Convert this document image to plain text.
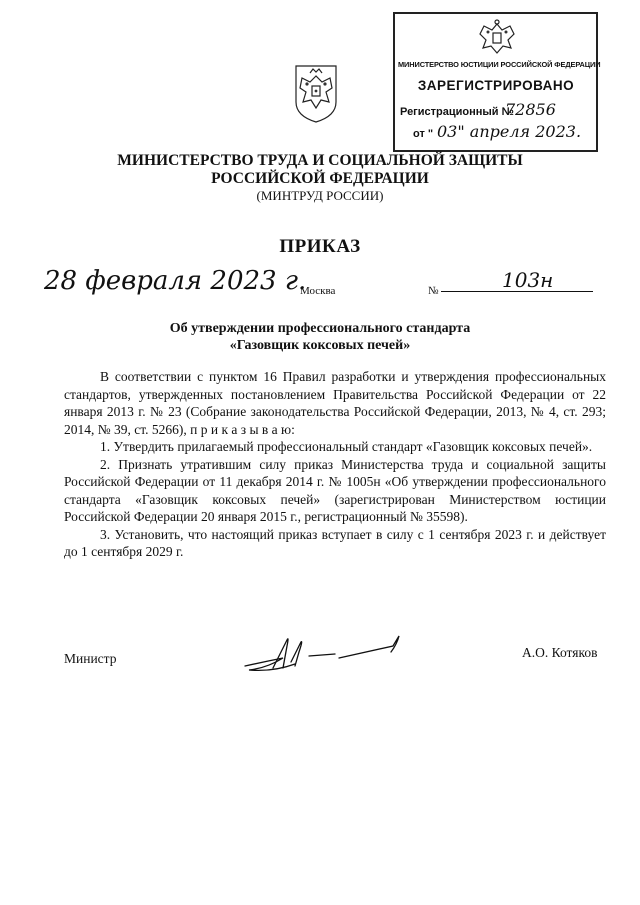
МИНИСТЕРСТВО ЮСТИЦИИ РОССИЙСКОЙ ФЕДЕРАЦИИ
ЗАРЕГИСТРИРОВАНО
Регистрационный №
72856
от " 03" апреля 2023.
МИНИСТЕРСТВО ТРУДА И СОЦИАЛЬНОЙ ЗАЩИТЫ
РОССИЙСКОЙ ФЕДЕРАЦИИ
(МИНТРУД РОССИИ)
ПРИКАЗ
28 февраля 2023 г.
Москва	№	103н
Об утверждении профессионального стандарта
«Газовщик коксовых печей»

В соответствии с пунктом 16 Правил разработки и утверждения профессиональных стандартов, утвержденных постановлением Правительства Российской Федерации от 22 января 2013 г. № 23 (Собрание законодательства Российской Федерации, 2013, № 4, ст. 293; 2014, № 39, ст. 5266), п р и к а з ы в а ю:

1. Утвердить прилагаемый профессиональный стандарт «Газовщик коксовых печей».

2. Признать утратившим силу приказ Министерства труда и социальной защиты Российской Федерации от 11 декабря 2014 г. № 1005н «Об утверждении профессионального стандарта «Газовщик коксовых печей» (зарегистрирован Министерством юстиции Российской Федерации 20 января 2015 г., регистрационный № 35598).

3. Установить, что настоящий приказ вступает в силу с 1 сентября 2023 г. и действует до 1 сентября 2029 г.

Министр	А.О. Котяков
